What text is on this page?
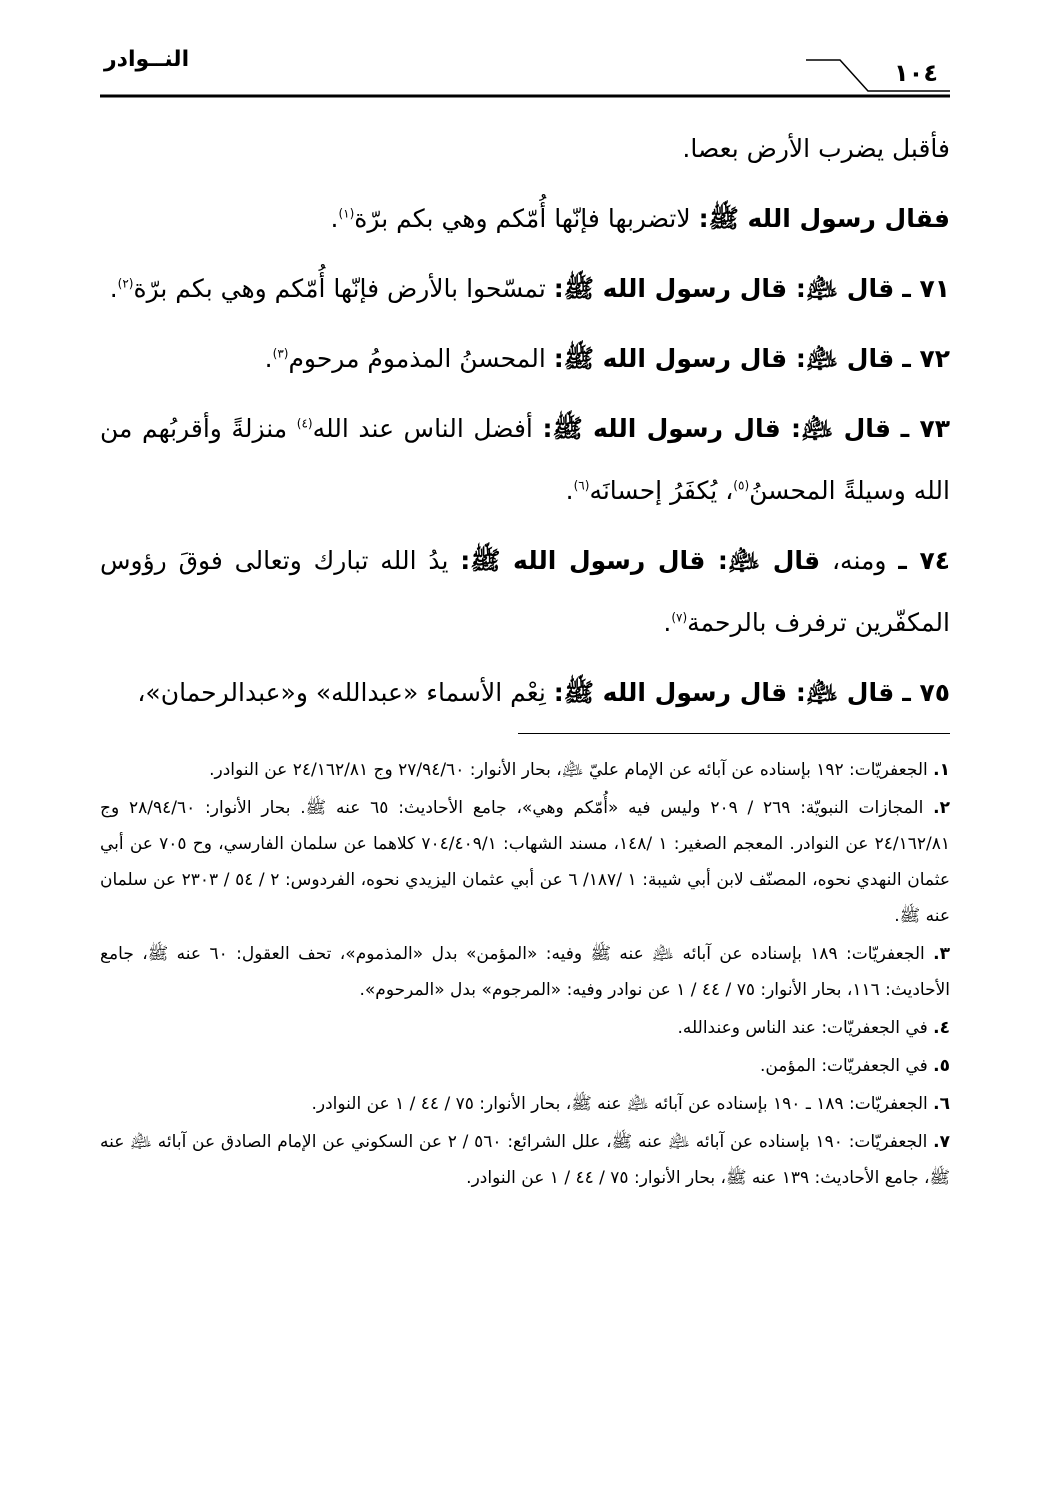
١٠٤
النــوادر

فأقبل يضرب الأرض بعصا.

فقال رسول الله ﷺ: لاتضربها فإنّها أُمّكم وهي بكم برّة$^{(١)}$.

٧١ ـ قال ﵇: قال رسول الله ﷺ: تمسّحوا بالأرض فإنّها أُمّكم وهي بكم برّة$^{(٢)}$.

٧٢ ـ قال ﵇: قال رسول الله ﷺ: المحسنُ المذمومُ مرحوم$^{(٣)}$.

٧٣ ـ قال ﵇: قال رسول الله ﷺ: أفضل الناس عند الله$^{(٤)}$ منزلةً وأقربُهم من الله وسيلةً المحسنُ$^{(٥)}$، يُكفَرُ إحسانَه$^{(٦)}$.

٧٤ ـ ومنه، قال ﵇: قال رسول الله ﷺ: يدُ الله تبارك وتعالى فوقَ رؤوس المكفّرين ترفرف بالرحمة$^{(٧)}$.

٧٥ ـ قال ﵇: قال رسول الله ﷺ: نِعْم الأسماء «عبدالله» و«عبدالرحمان»،

١. الجعفريّات: ١٩٢ بإسناده عن آبائه عن الإمام عليّ ﵇، بحار الأنوار: ٢٧/٩٤/٦٠ وج ٢٤/١٦٢/٨١ عن النوادر.

٢. المجازات النبويّة: ٢٦٩ / ٢٠٩ وليس فيه «أُمّكم وهي»، جامع الأحاديث: ٦٥ عنه ﷺ. بحار الأنوار: ٢٨/٩٤/٦٠ وج ٢٤/١٦٢/٨١ عن النوادر. المعجم الصغير: ١ /١٤٨، مسند الشهاب: ٧٠٤/٤٠٩/١ كلاهما عن سلمان الفارسي، وح ٧٠٥ عن أبي عثمان النهدي نحوه، المصنّف لابن أبي شيبة: ١ /١٨٧/ ٦ عن أبي عثمان اليزيدي نحوه، الفردوس: ٢ / ٥٤ / ٢٣٠٣ عن سلمان عنه ﷺ.

٣. الجعفريّات: ١٨٩ بإسناده عن آبائه ﵇ عنه ﷺ وفيه: «المؤمن» بدل «المذموم»، تحف العقول: ٦٠ عنه ﷺ، جامع الأحاديث: ١١٦، بحار الأنوار: ٧٥ / ٤٤ / ١ عن نوادر وفيه: «المرجوم» بدل «المرحوم».

٤. في الجعفريّات: عند الناس وعندالله.

٥. في الجعفريّات: المؤمن.

٦. الجعفريّات: ١٨٩ ـ ١٩٠ بإسناده عن آبائه ﵇ عنه ﷺ، بحار الأنوار: ٧٥ / ٤٤ / ١ عن النوادر.

٧. الجعفريّات: ١٩٠ بإسناده عن آبائه ﵇ عنه ﷺ، علل الشرائع: ٥٦٠ / ٢ عن السكوني عن الإمام الصادق عن آبائه ﵇ عنه ﷺ، جامع الأحاديث: ١٣٩ عنه ﷺ، بحار الأنوار: ٧٥ / ٤٤ / ١ عن النوادر.
